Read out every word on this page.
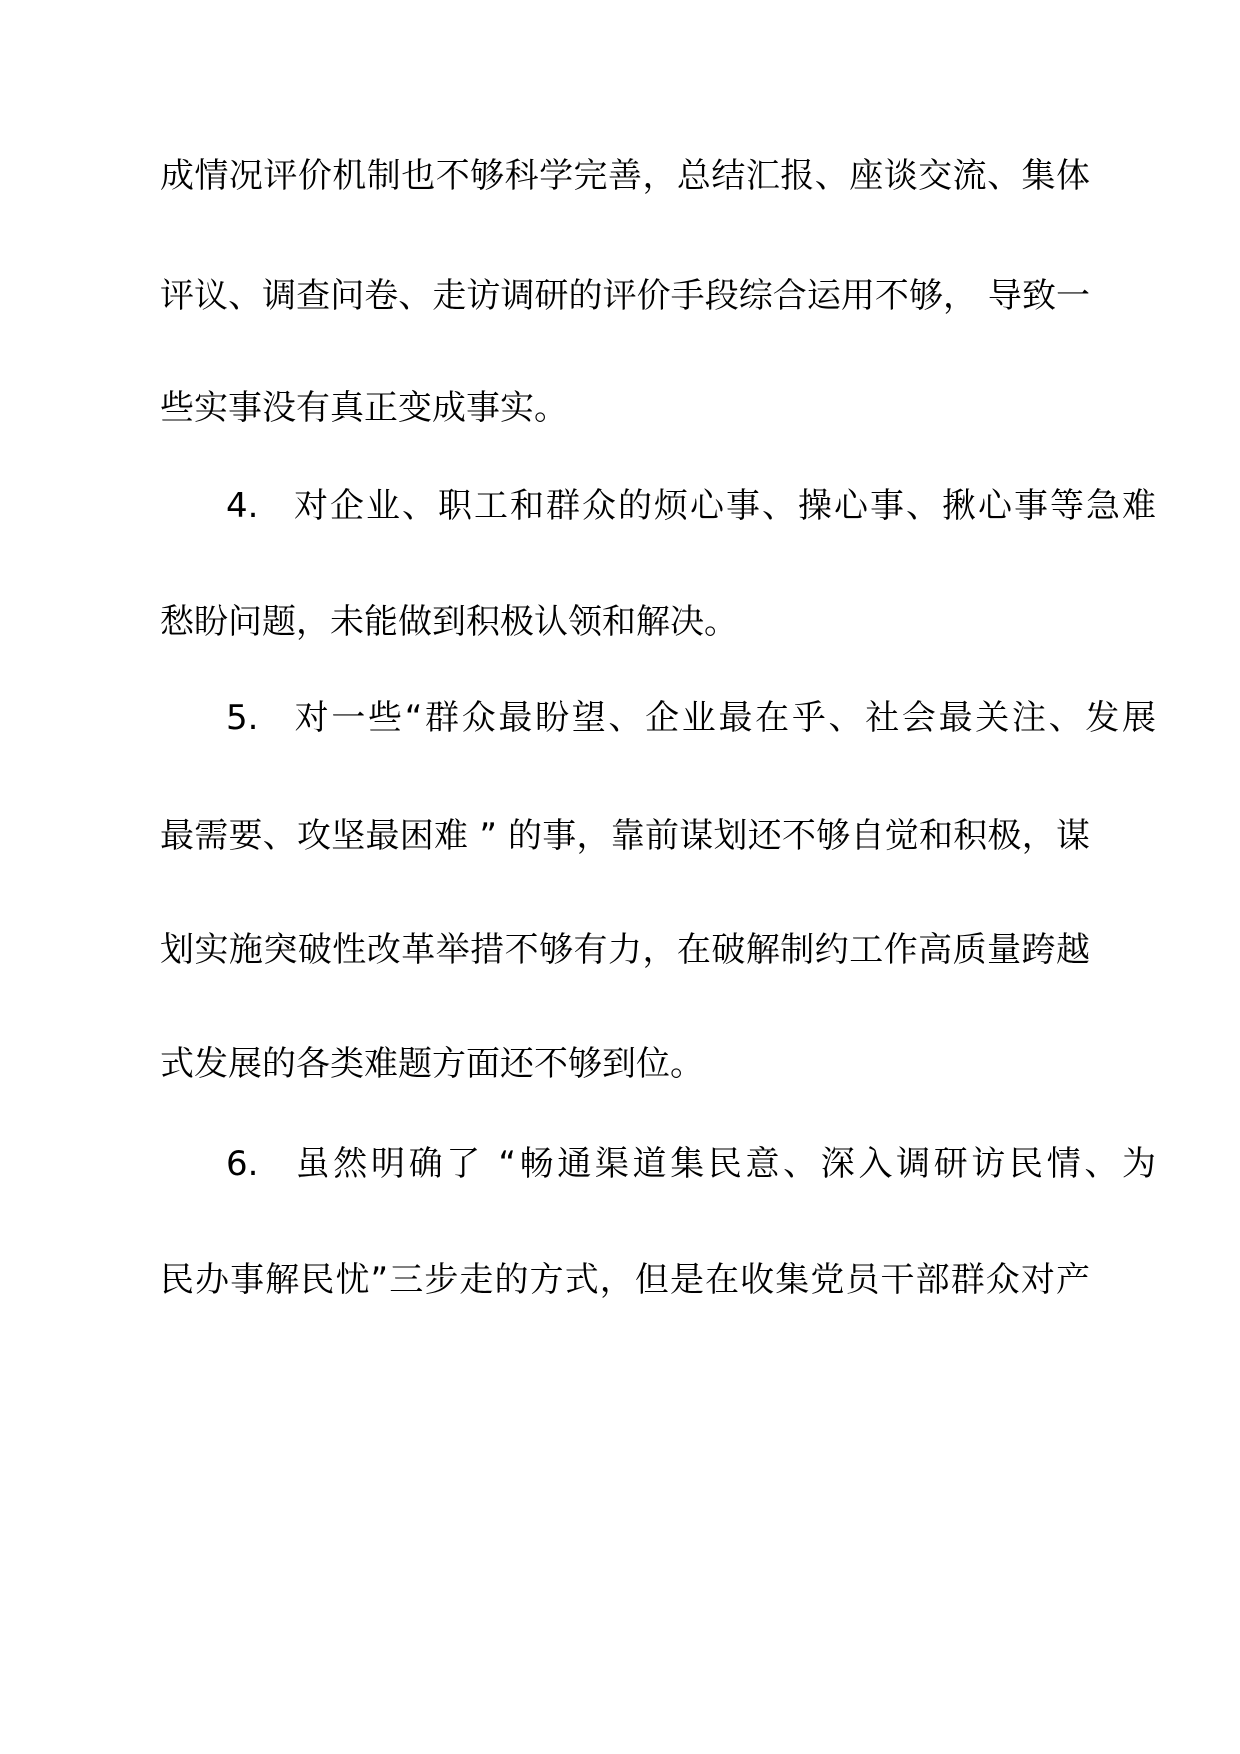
成情况评价机制也不够科学完善，总结汇报、座谈交流、集体
评议、调查问卷、走访调研的评价手段综合运用不够， 导致一
些实事没有真正变成事实。
4. 对企业、职工和群众的烦心事、操心事、揪心事等急难
愁盼问题，未能做到积极认领和解决。
5. 对一些“群众最盼望、企业最在乎、社会最关注、发展
最需要、攻坚最困难 ” 的事，靠前谋划还不够自觉和积极，谋
划实施突破性改革举措不够有力，在破解制约工作高质量跨越
式发展的各类难题方面还不够到位。
6. 虽然明确了 “畅通渠道集民意、深入调研访民情、为
民办事解民忧”三步走的方式，但是在收集党员干部群众对产
